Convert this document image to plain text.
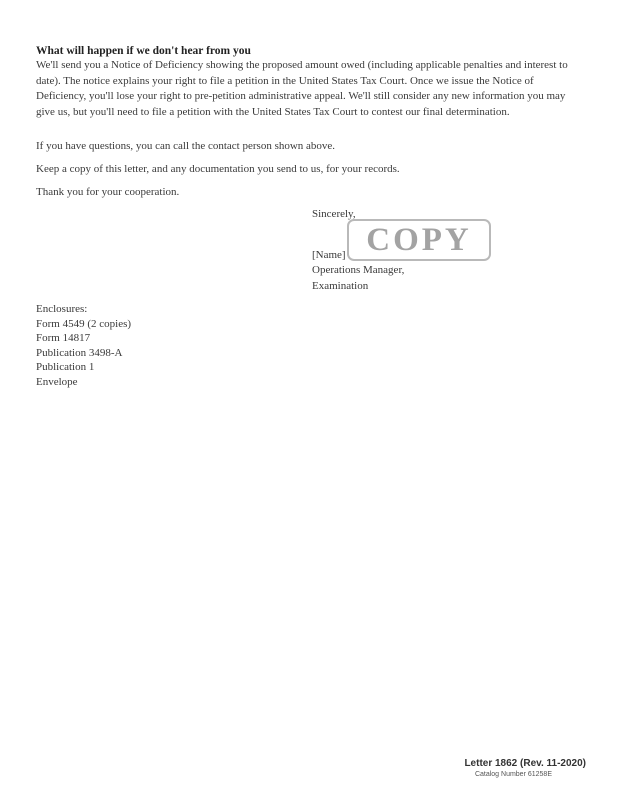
What will happen if we don't hear from you
We'll send you a Notice of Deficiency showing the proposed amount owed (including applicable penalties and interest to date). The notice explains your right to file a petition in the United States Tax Court. Once we issue the Notice of Deficiency, you'll lose your right to pre-petition administrative appeal. We'll still consider any new information you may give us, but you'll need to file a petition with the United States Tax Court to contest our final determination.
If you have questions, you can call the contact person shown above.
Keep a copy of this letter, and any documentation you send to us, for your records.
Thank you for your cooperation.
Sincerely,
COPY
[Name]
Operations Manager,
Examination
Enclosures:
Form 4549 (2 copies)
Form 14817
Publication 3498-A
Publication 1
Envelope
Letter 1862 (Rev. 11-2020)
Catalog Number 61258E
